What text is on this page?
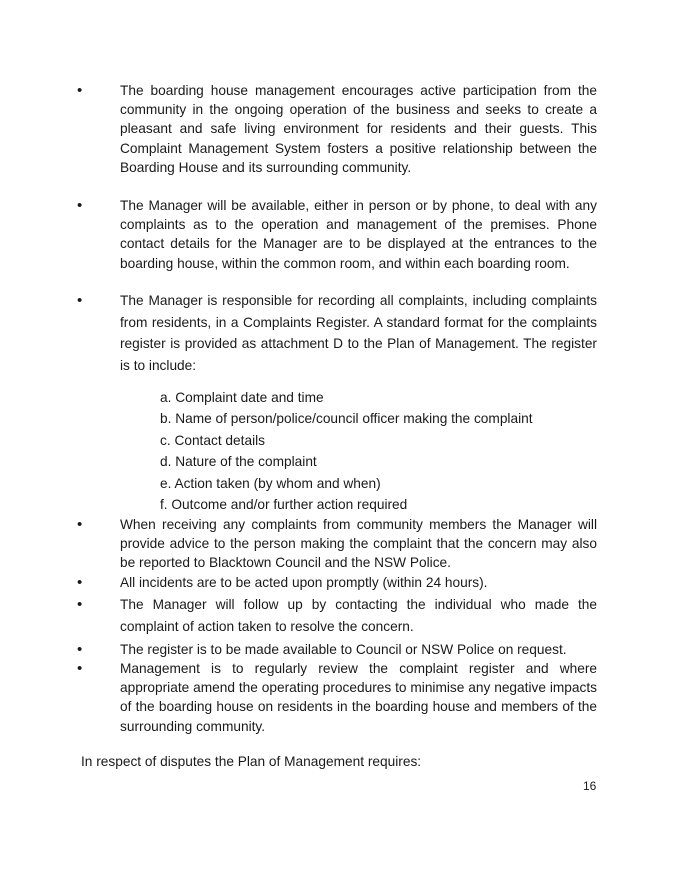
• The boarding house management encourages active participation from the community in the ongoing operation of the business and seeks to create a pleasant and safe living environment for residents and their guests. This Complaint Management System fosters a positive relationship between the Boarding House and its surrounding community.

• The Manager will be available, either in person or by phone, to deal with any complaints as to the operation and management of the premises. Phone contact details for the Manager are to be displayed at the entrances to the boarding house, within the common room, and within each boarding room.

• The Manager is responsible for recording all complaints, including complaints from residents, in a Complaints Register. A standard format for the complaints register is provided as attachment D to the Plan of Management. The register is to include:

a. Complaint date and time

b. Name of person/police/council officer making the complaint

c. Contact details

d. Nature of the complaint

e. Action taken (by whom and when)

f. Outcome and/or further action required

• When receiving any complaints from community members the Manager will provide advice to the person making the complaint that the concern may also be reported to Blacktown Council and the NSW Police.

• All incidents are to be acted upon promptly (within 24 hours).

• The Manager will follow up by contacting the individual who made the complaint of action taken to resolve the concern.

• The register is to be made available to Council or NSW Police on request.

• Management is to regularly review the complaint register and where appropriate amend the operating procedures to minimise any negative impacts of the boarding house on residents in the boarding house and members of the surrounding community.

In respect of disputes the Plan of Management requires:

16
